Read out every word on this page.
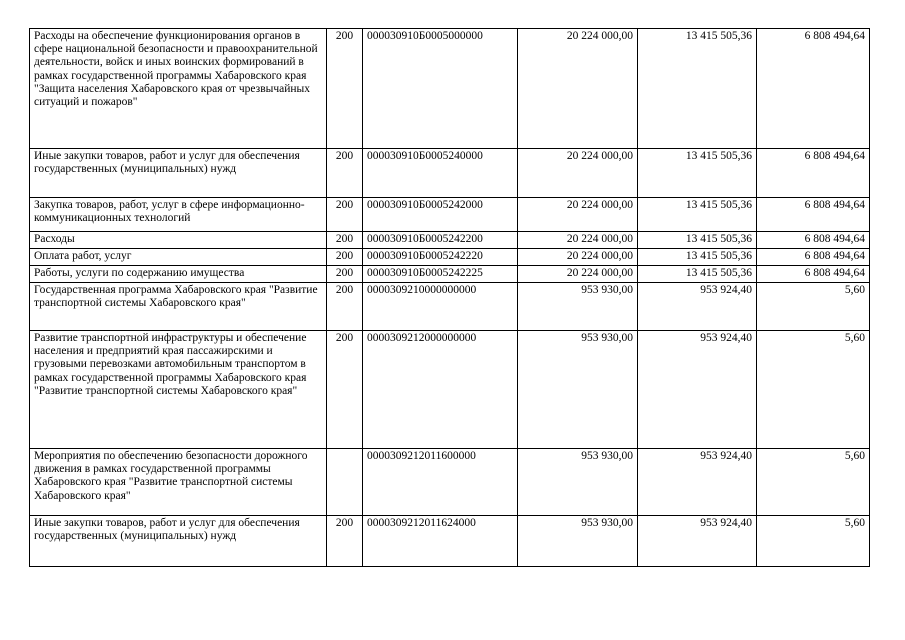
Расходы на обеспечение функционирования органов в сфере национальной безопасности и правоохранительной деятельности, войск и иных воинских формирований в рамках государственной программы Хабаровского края "Защита населения Хабаровского края от чрезвычайных ситуаций и пожаров"	200	000030910Б0005000000	20 224 000,00	13 415 505,36	6 808 494,64
Иные закупки товаров, работ и услуг для обеспечения государственных (муниципальных) нужд	200	000030910Б0005240000	20 224 000,00	13 415 505,36	6 808 494,64
Закупка товаров, работ, услуг в сфере информационно-коммуникационных технологий	200	000030910Б0005242000	20 224 000,00	13 415 505,36	6 808 494,64
Расходы	200	000030910Б0005242200	20 224 000,00	13 415 505,36	6 808 494,64
Оплата работ, услуг	200	000030910Б0005242220	20 224 000,00	13 415 505,36	6 808 494,64
Работы, услуги по содержанию имущества	200	000030910Б0005242225	20 224 000,00	13 415 505,36	6 808 494,64
Государственная программа Хабаровского края "Развитие транспортной системы Хабаровского края"	200	0000309210000000000	953 930,00	953 924,40	5,60
Развитие транспортной инфраструктуры и обеспечение населения и предприятий края пассажирскими и грузовыми перевозками автомобильным транспортом в рамках государственной программы Хабаровского края "Развитие транспортной системы Хабаровского края"	200	0000309212000000000	953 930,00	953 924,40	5,60
Мероприятия по обеспечению безопасности дорожного движения в рамках государственной программы Хабаровского края "Развитие транспортной системы Хабаровского края"		0000309212011600000	953 930,00	953 924,40	5,60
Иные закупки товаров, работ и услуг для обеспечения государственных (муниципальных) нужд	200	0000309212011624000	953 930,00	953 924,40	5,60
